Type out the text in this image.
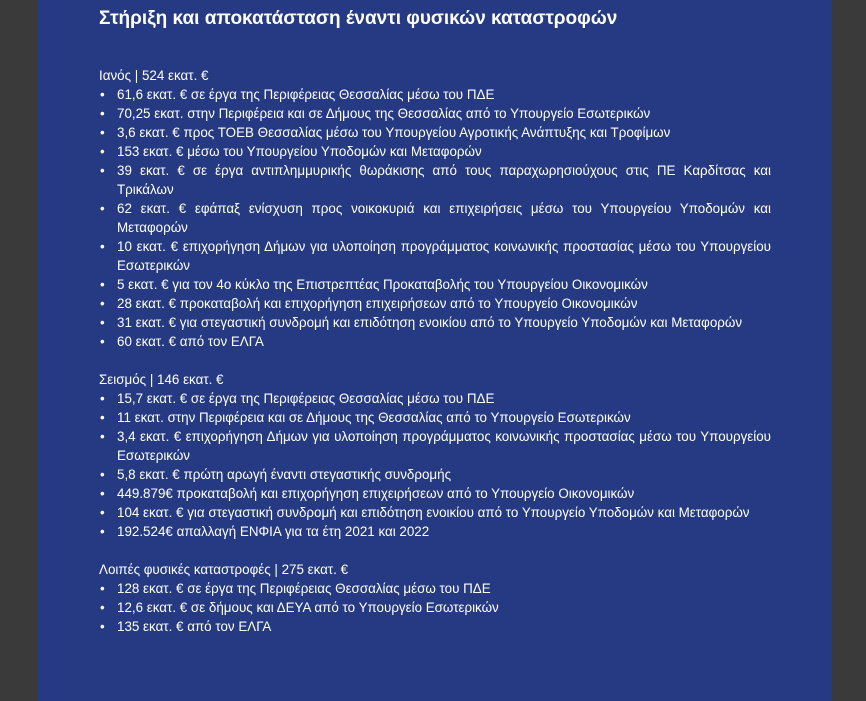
Στήριξη και αποκατάσταση έναντι φυσικών καταστροφών
Ιανός | 524 εκατ. €
• 61,6 εκατ. € σε έργα της Περιφέρειας Θεσσαλίας μέσω του ΠΔΕ
• 70,25 εκατ. στην Περιφέρεια και σε Δήμους της Θεσσαλίας από το Υπουργείο Εσωτερικών
• 3,6 εκατ. € προς ΤΟΕΒ Θεσσαλίας μέσω του Υπουργείου Αγροτικής Ανάπτυξης και Τροφίμων
• 153 εκατ. € μέσω του Υπουργείου Υποδομών και Μεταφορών
• 39 εκατ. € σε έργα αντιπλημμυρικής θωράκισης από τους παραχωρησιούχους στις ΠΕ Καρδίτσας και Τρικάλων
• 62 εκατ. € εφάπαξ ενίσχυση προς νοικοκυριά και επιχειρήσεις μέσω του Υπουργείου Υποδομών και Μεταφορών
• 10 εκατ. € επιχορήγηση Δήμων για υλοποίηση προγράμματος κοινωνικής προστασίας μέσω του Υπουργείου Εσωτερικών
• 5 εκατ. € για τον 4ο κύκλο της Επιστρεπτέας Προκαταβολής του Υπουργείου Οικονομικών
• 28 εκατ. € προκαταβολή και επιχορήγηση επιχειρήσεων από το Υπουργείο Οικονομικών
• 31 εκατ. € για στεγαστική συνδρομή και επιδότηση ενοικίου από το Υπουργείο Υποδομών και Μεταφορών
• 60 εκατ. € από τον ΕΛΓΑ
Σεισμός | 146 εκατ. €
• 15,7 εκατ. € σε έργα της Περιφέρειας Θεσσαλίας μέσω του ΠΔΕ
• 11 εκατ. στην Περιφέρεια και σε Δήμους της Θεσσαλίας από το Υπουργείο Εσωτερικών
• 3,4 εκατ. € επιχορήγηση Δήμων για υλοποίηση προγράμματος κοινωνικής προστασίας μέσω του Υπουργείου Εσωτερικών
• 5,8 εκατ. € πρώτη αρωγή έναντι στεγαστικής συνδρομής
• 449.879€ προκαταβολή και επιχορήγηση επιχειρήσεων από το Υπουργείο Οικονομικών
• 104 εκατ. € για στεγαστική συνδρομή και επιδότηση ενοικίου από το Υπουργείο Υποδομών και Μεταφορών
• 192.524€ απαλλαγή ΕΝΦΙΑ για τα έτη 2021 και 2022
Λοιπές φυσικές καταστροφές | 275 εκατ. €
• 128 εκατ. € σε έργα της Περιφέρειας Θεσσαλίας μέσω του ΠΔΕ
• 12,6 εκατ. € σε δήμους και ΔΕΥΑ από το Υπουργείο Εσωτερικών
• 135 εκατ. € από τον ΕΛΓΑ
